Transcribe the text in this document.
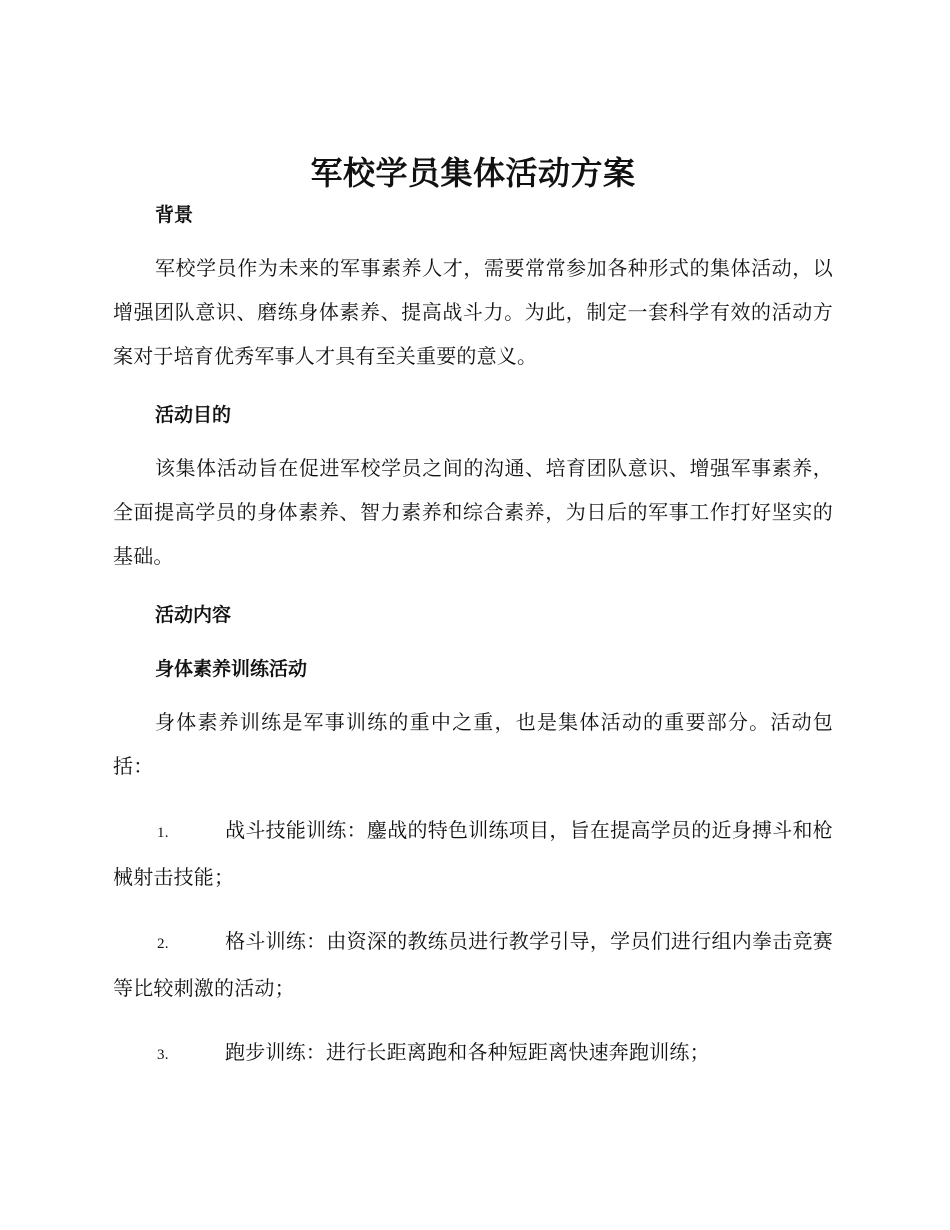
军校学员集体活动方案
背景

军校学员作为未来的军事素养人才，需要常常参加各种形式的集体活动，以增强团队意识、磨练身体素养、提高战斗力。为此，制定一套科学有效的活动方案对于培育优秀军事人才具有至关重要的意义。

活动目的

该集体活动旨在促进军校学员之间的沟通、培育团队意识、增强军事素养，全面提高学员的身体素养、智力素养和综合素养，为日后的军事工作打好坚实的基础。

活动内容
身体素养训练活动

身体素养训练是军事训练的重中之重，也是集体活动的重要部分。活动包括：

1.	战斗技能训练：鏖战的特色训练项目，旨在提高学员的近身搏斗和枪械射击技能；

2.	格斗训练：由资深的教练员进行教学引导，学员们进行组内拳击竞赛等比较刺激的活动；

3.	跑步训练：进行长距离跑和各种短距离快速奔跑训练；
